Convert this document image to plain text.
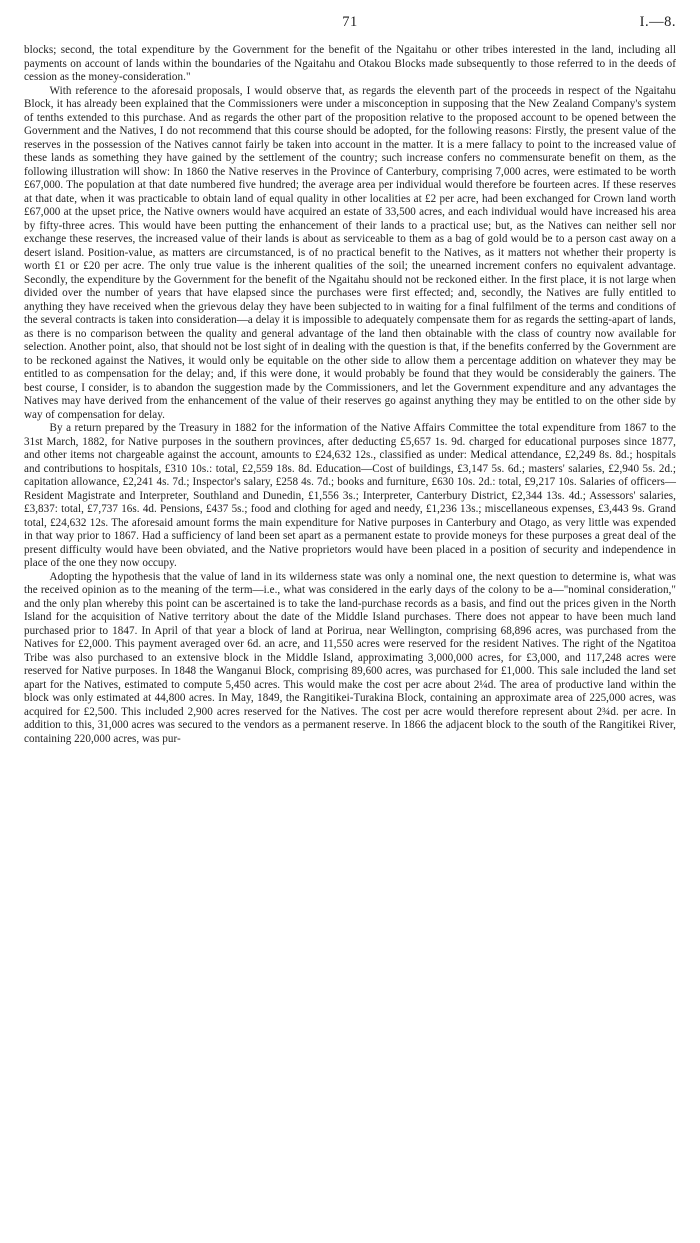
71	I.—8.

blocks; second, the total expenditure by the Government for the benefit of the Ngaitahu or other tribes interested in the land, including all payments on account of lands within the boundaries of the Ngaitahu and Otakou Blocks made subsequently to those referred to in the deeds of cession as the money-consideration."

With reference to the aforesaid proposals, I would observe that, as regards the eleventh part of the proceeds in respect of the Ngaitahu Block, it has already been explained that the Commissioners were under a misconception in supposing that the New Zealand Company's system of tenths extended to this purchase. And as regards the other part of the proposition relative to the proposed account to be opened between the Government and the Natives, I do not recommend that this course should be adopted, for the following reasons: Firstly, the present value of the reserves in the possession of the Natives cannot fairly be taken into account in the matter. It is a mere fallacy to point to the increased value of these lands as something they have gained by the settlement of the country; such increase confers no commensurate benefit on them, as the following illustration will show: In 1860 the Native reserves in the Province of Canterbury, comprising 7,000 acres, were estimated to be worth £67,000. The population at that date numbered five hundred; the average area per individual would therefore be fourteen acres. If these reserves at that date, when it was practicable to obtain land of equal quality in other localities at £2 per acre, had been exchanged for Crown land worth £67,000 at the upset price, the Native owners would have acquired an estate of 33,500 acres, and each individual would have increased his area by fifty-three acres. This would have been putting the enhancement of their lands to a practical use; but, as the Natives can neither sell nor exchange these reserves, the increased value of their lands is about as serviceable to them as a bag of gold would be to a person cast away on a desert island. Position-value, as matters are circumstanced, is of no practical benefit to the Natives, as it matters not whether their property is worth £1 or £20 per acre. The only true value is the inherent qualities of the soil; the unearned increment confers no equivalent advantage. Secondly, the expenditure by the Government for the benefit of the Ngaitahu should not be reckoned either. In the first place, it is not large when divided over the number of years that have elapsed since the purchases were first effected; and, secondly, the Natives are fully entitled to anything they have received when the grievous delay they have been subjected to in waiting for a final fulfilment of the terms and conditions of the several contracts is taken into consideration—a delay it is impossible to adequately compensate them for as regards the setting-apart of lands, as there is no comparison between the quality and general advantage of the land then obtainable with the class of country now available for selection. Another point, also, that should not be lost sight of in dealing with the question is that, if the benefits conferred by the Government are to be reckoned against the Natives, it would only be equitable on the other side to allow them a percentage addition on whatever they may be entitled to as compensation for the delay; and, if this were done, it would probably be found that they would be considerably the gainers. The best course, I consider, is to abandon the suggestion made by the Commissioners, and let the Government expenditure and any advantages the Natives may have derived from the enhancement of the value of their reserves go against anything they may be entitled to on the other side by way of compensation for delay.

By a return prepared by the Treasury in 1882 for the information of the Native Affairs Committee the total expenditure from 1867 to the 31st March, 1882, for Native purposes in the southern provinces, after deducting £5,657 1s. 9d. charged for educational purposes since 1877, and other items not chargeable against the account, amounts to £24,632 12s., classified as under: Medical attendance, £2,249 8s. 8d.; hospitals and contributions to hospitals, £310 10s.: total, £2,559 18s. 8d. Education—Cost of buildings, £3,147 5s. 6d.; masters' salaries, £2,940 5s. 2d.; capitation allowance, £2,241 4s. 7d.; Inspector's salary, £258 4s. 7d.; books and furniture, £630 10s. 2d.: total, £9,217 10s. Salaries of officers—Resident Magistrate and Interpreter, Southland and Dunedin, £1,556 3s.; Interpreter, Canterbury District, £2,344 13s. 4d.; Assessors' salaries, £3,837: total, £7,737 16s. 4d. Pensions, £437 5s.; food and clothing for aged and needy, £1,236 13s.; miscellaneous expenses, £3,443 9s. Grand total, £24,632 12s. The aforesaid amount forms the main expenditure for Native purposes in Canterbury and Otago, as very little was expended in that way prior to 1867. Had a sufficiency of land been set apart as a permanent estate to provide moneys for these purposes a great deal of the present difficulty would have been obviated, and the Native proprietors would have been placed in a position of security and independence in place of the one they now occupy.

Adopting the hypothesis that the value of land in its wilderness state was only a nominal one, the next question to determine is, what was the received opinion as to the meaning of the term—i.e., what was considered in the early days of the colony to be a—"nominal consideration," and the only plan whereby this point can be ascertained is to take the land-purchase records as a basis, and find out the prices given in the North Island for the acquisition of Native territory about the date of the Middle Island purchases. There does not appear to have been much land purchased prior to 1847. In April of that year a block of land at Porirua, near Wellington, comprising 68,896 acres, was purchased from the Natives for £2,000. This payment averaged over 6d. an acre, and 11,550 acres were reserved for the resident Natives. The right of the Ngatitoa Tribe was also purchased to an extensive block in the Middle Island, approximating 3,000,000 acres, for £3,000, and 117,248 acres were reserved for Native purposes. In 1848 the Wanganui Block, comprising 89,600 acres, was purchased for £1,000. This sale included the land set apart for the Natives, estimated to compute 5,450 acres. This would make the cost per acre about 2¼d. The area of productive land within the block was only estimated at 44,800 acres. In May, 1849, the Rangitikei-Turakina Block, containing an approximate area of 225,000 acres, was acquired for £2,500. This included 2,900 acres reserved for the Natives. The cost per acre would therefore represent about 2¾d. per acre. In addition to this, 31,000 acres was secured to the vendors as a permanent reserve. In 1866 the adjacent block to the south of the Rangitikei River, containing 220,000 acres, was pur-
